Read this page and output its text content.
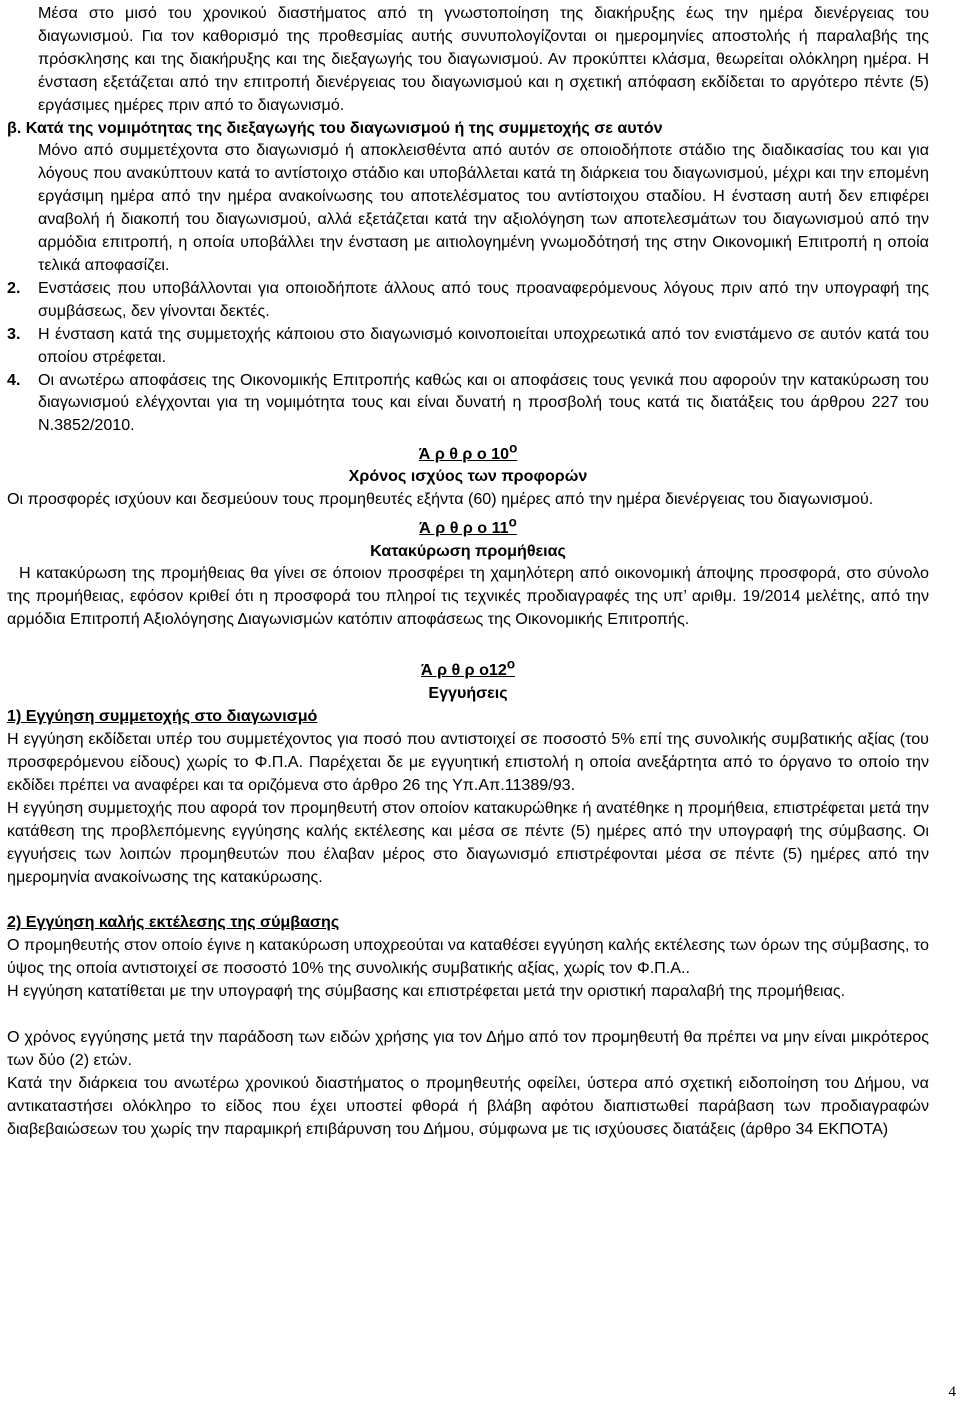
Μέσα στο μισό του χρονικού διαστήματος από τη γνωστοποίηση της διακήρυξης έως την ημέρα διενέργειας του διαγωνισμού. Για τον καθορισμό της προθεσμίας αυτής συνυπολογίζονται οι ημερομηνίες αποστολής ή παραλαβής της πρόσκλησης και της διακήρυξης και της διεξαγωγής του διαγωνισμού. Αν προκύπτει κλάσμα, θεωρείται ολόκληρη ημέρα. Η ένσταση εξετάζεται από την επιτροπή διενέργειας του διαγωνισμού και η σχετική απόφαση εκδίδεται το αργότερο πέντε (5) εργάσιμες ημέρες πριν από το διαγωνισμό.

β. Κατά της νομιμότητας της διεξαγωγής του διαγωνισμού ή της συμμετοχής σε αυτόν

Μόνο από συμμετέχοντα στο διαγωνισμό ή αποκλεισθέντα από αυτόν σε οποιοδήποτε στάδιο της διαδικασίας του και για λόγους που ανακύπτουν κατά το αντίστοιχο στάδιο και υποβάλλεται κατά τη διάρκεια του διαγωνισμού, μέχρι και την επομένη εργάσιμη ημέρα από την ημέρα ανακοίνωσης του αποτελέσματος του αντίστοιχου σταδίου. Η ένσταση αυτή δεν επιφέρει αναβολή ή διακοπή του διαγωνισμού, αλλά εξετάζεται κατά την αξιολόγηση των αποτελεσμάτων του διαγωνισμού από την αρμόδια επιτροπή, η οποία υποβάλλει την ένσταση με αιτιολογημένη γνωμοδότησή της στην Οικονομική Επιτροπή η οποία τελικά αποφασίζει.

2. Ενστάσεις που υποβάλλονται για οποιοδήποτε άλλους από τους προαναφερόμενους λόγους πριν από την υπογραφή της συμβάσεως, δεν γίνονται δεκτές.

3. Η ένσταση κατά της συμμετοχής κάποιου στο διαγωνισμό κοινοποιείται υποχρεωτικά από τον ενιστάμενο σε αυτόν κατά του οποίου στρέφεται.

4. Οι ανωτέρω αποφάσεις της Οικονομικής Επιτροπής καθώς και οι αποφάσεις τους γενικά που αφορούν την κατακύρωση του διαγωνισμού ελέγχονται για τη νομιμότητα τους και είναι δυνατή η προσβολή τους κατά τις διατάξεις του άρθρου 227 του Ν.3852/2010.

Ά ρ θ ρ ο $10^o$

Χρόνος ισχύος των προφορών

Οι προσφορές ισχύουν και δεσμεύουν τους προμηθευτές εξήντα (60) ημέρες από την ημέρα διενέργειας του διαγωνισμού.

Ά ρ θ ρ ο $11^o$

Κατακύρωση προμήθειας

Η κατακύρωση της προμήθειας θα γίνει σε όποιον προσφέρει τη χαμηλότερη από οικονομική άποψης προσφορά, στο σύνολο της προμήθειας, εφόσον κριθεί ότι η προσφορά του πληροί τις τεχνικές προδιαγραφές της υπ’ αριθμ. 19/2014 μελέτης, από την αρμόδια Επιτροπή Αξιολόγησης Διαγωνισμών κατόπιν αποφάσεως της Οικονομικής Επιτροπής.

Ά ρ θ ρ $o12^o$

Εγγυήσεις

1) Εγγύηση συμμετοχής στο διαγωνισμό

Η εγγύηση εκδίδεται υπέρ του συμμετέχοντος για ποσό που αντιστοιχεί σε ποσοστό 5% επί της συνολικής συμβατικής αξίας (του προσφερόμενου είδους) χωρίς το Φ.Π.Α. Παρέχεται δε με εγγυητική επιστολή η οποία ανεξάρτητα από το όργανο το οποίο την εκδίδει πρέπει να αναφέρει και τα οριζόμενα στο άρθρο 26 της Υπ.Απ.11389/93.

Η εγγύηση συμμετοχής που αφορά τον προμηθευτή στον οποίον κατακυρώθηκε ή ανατέθηκε η προμήθεια, επιστρέφεται μετά την κατάθεση της προβλεπόμενης εγγύησης καλής εκτέλεσης και μέσα σε πέντε (5) ημέρες από την υπογραφή της σύμβασης. Οι εγγυήσεις των λοιπών προμηθευτών που έλαβαν μέρος στο διαγωνισμό επιστρέφονται μέσα σε πέντε (5) ημέρες από την ημερομηνία ανακοίνωσης της κατακύρωσης.

2) Εγγύηση καλής εκτέλεσης της σύμβασης

Ο προμηθευτής στον οποίο έγινε η κατακύρωση υποχρεούται να καταθέσει εγγύηση καλής εκτέλεσης των όρων της σύμβασης, το ύψος της οποία αντιστοιχεί σε ποσοστό 10% της συνολικής συμβατικής αξίας, χωρίς τον Φ.Π.Α..

Η εγγύηση κατατίθεται με την υπογραφή της σύμβασης και επιστρέφεται μετά την οριστική παραλαβή της προμήθειας.

Ο χρόνος εγγύησης μετά την παράδοση των ειδών χρήσης για τον Δήμο από τον προμηθευτή θα πρέπει να μην είναι μικρότερος των δύο (2) ετών.

Κατά την διάρκεια του ανωτέρω χρονικού διαστήματος ο προμηθευτής οφείλει, ύστερα από σχετική ειδοποίηση του Δήμου, να αντικαταστήσει ολόκληρο το είδος που έχει υποστεί φθορά ή βλάβη αφότου διαπιστωθεί παράβαση των προδιαγραφών διαβεβαιώσεων του χωρίς την παραμικρή επιβάρυνση του Δήμου, σύμφωνα με τις ισχύουσες διατάξεις (άρθρο 34 ΕΚΠΟΤΑ)

4
